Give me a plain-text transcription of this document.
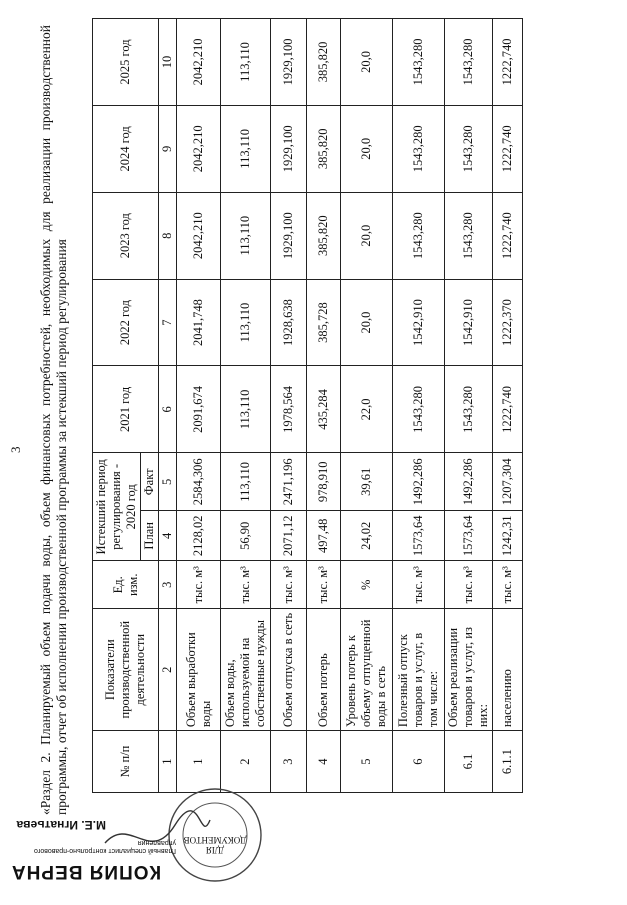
3 «Раздел 2. Планируемый объем подачи воды, объем финансовых потребностей, необходимых для реализации производственной программы, отчет об исполнении производственной программы за истекший период регулирования	№ п/п	Показатели производственной деятельности	Ед. изм.	Истекший период регулирования - 2020 год		2021 год	2022 год	2023 год	2024 год	2025 год
			План	Факт					
1	2	3	4	5	6	7	8	9	10
1	Объем выработки воды	тыс. м³	2128,02	2584,306	2091,674	2041,748	2042,210	2042,210	2042,210
2	Объем воды, используемой на собственные нужды	тыс. м³	56,90	113,110	113,110	113,110	113,110	113,110	113,110
3	Объем отпуска в сеть	тыс. м³	2071,12	2471,196	1978,564	1928,638	1929,100	1929,100	1929,100
4	Объем потерь	тыс. м³	497,48	978,910	435,284	385,728	385,820	385,820	385,820
5	Уровень потерь к объему отпущенной воды в сеть	%	24,02	39,61	22,0	20,0	20,0	20,0	20,0
6	Полезный отпуск товаров и услуг, в том числе:	тыс. м³	1573,64	1492,286	1543,280	1542,910	1543,280	1543,280	1543,280
6.1	Объем реализации товаров и услуг, из них:	тыс. м³	1573,64	1492,286	1543,280	1542,910	1543,280	1543,280	1543,280
6.1.1	населению	тыс. м³	1242,31	1207,304	1222,740	1222,370	1222,740	1222,740	1222,740
КОПИЯ ВЕРНА
Главный специалист контрольно-правового управления
М.Е. Игнатьева
ДЛЯ ДОКУМЕНТОВ
